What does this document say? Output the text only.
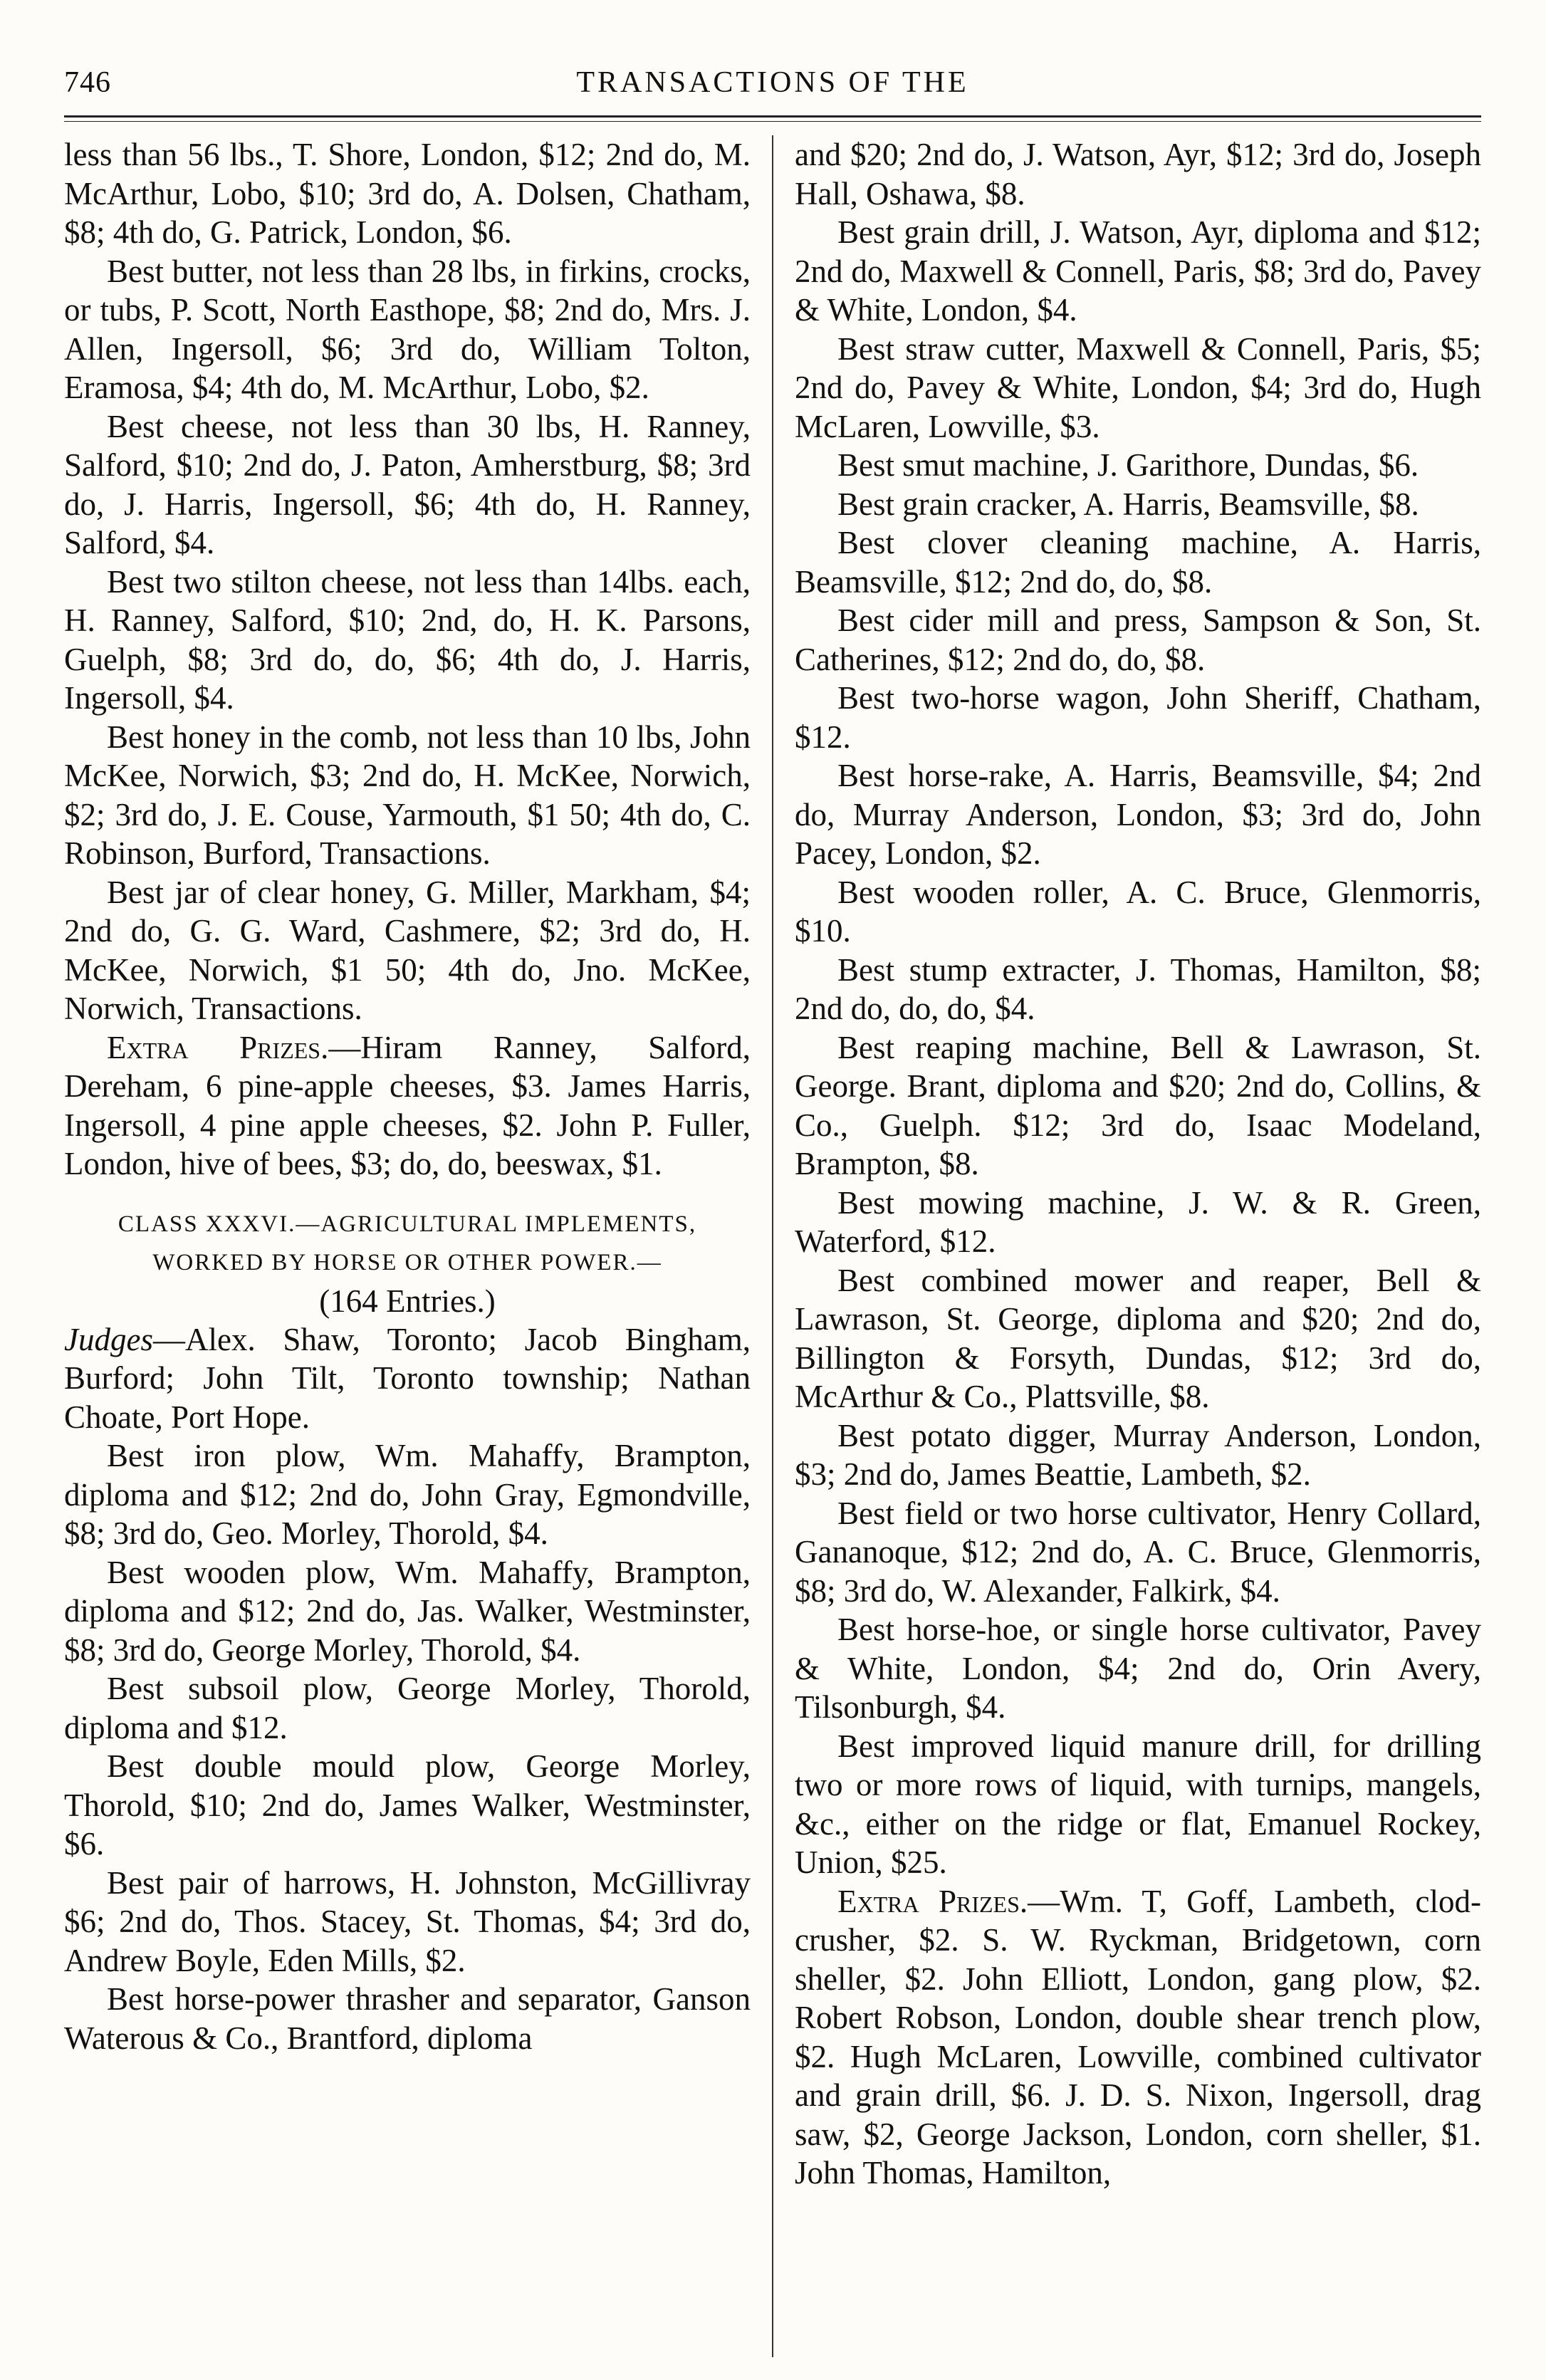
746	TRANSACTIONS OF THE

less than 56 lbs., T. Shore, London, $12; 2nd do, M. McArthur, Lobo, $10; 3rd do, A. Dolsen, Chatham, $8; 4th do, G. Patrick, London, $6.

Best butter, not less than 28 lbs, in firkins, crocks, or tubs, P. Scott, North Easthope, $8; 2nd do, Mrs. J. Allen, Ingersoll, $6; 3rd do, William Tolton, Eramosa, $4; 4th do, M. McArthur, Lobo, $2.

Best cheese, not less than 30 lbs, H. Ranney, Salford, $10; 2nd do, J. Paton, Amherstburg, $8; 3rd do, J. Harris, Ingersoll, $6; 4th do, H. Ranney, Salford, $4.

Best two stilton cheese, not less than 14lbs. each, H. Ranney, Salford, $10; 2nd, do, H. K. Parsons, Guelph, $8; 3rd do, do, $6; 4th do, J. Harris, Ingersoll, $4.

Best honey in the comb, not less than 10 lbs, John McKee, Norwich, $3; 2nd do, H. McKee, Norwich, $2; 3rd do, J. E. Couse, Yarmouth, $1 50; 4th do, C. Robinson, Burford, Transactions.

Best jar of clear honey, G. Miller, Markham, $4; 2nd do, G. G. Ward, Cashmere, $2; 3rd do, H. McKee, Norwich, $1 50; 4th do, Jno. McKee, Norwich, Transactions.

Extra Prizes.—Hiram Ranney, Salford, Dereham, 6 pine-apple cheeses, $3. James Harris, Ingersoll, 4 pine apple cheeses, $2. John P. Fuller, London, hive of bees, $3; do, do, beeswax, $1.

CLASS XXXVI.—AGRICULTURAL IMPLEMENTS,
WORKED BY HORSE OR OTHER POWER.—
(164 Entries.)

Judges—Alex. Shaw, Toronto; Jacob Bingham, Burford; John Tilt, Toronto township; Nathan Choate, Port Hope.

Best iron plow, Wm. Mahaffy, Brampton, diploma and $12; 2nd do, John Gray, Egmondville, $8; 3rd do, Geo. Morley, Thorold, $4.

Best wooden plow, Wm. Mahaffy, Brampton, diploma and $12; 2nd do, Jas. Walker, Westminster, $8; 3rd do, George Morley, Thorold, $4.

Best subsoil plow, George Morley, Thorold, diploma and $12.

Best double mould plow, George Morley, Thorold, $10; 2nd do, James Walker, Westminster, $6.

Best pair of harrows, H. Johnston, McGillivray $6; 2nd do, Thos. Stacey, St. Thomas, $4; 3rd do, Andrew Boyle, Eden Mills, $2.

Best horse-power thrasher and separator, Ganson Waterous & Co., Brantford, diploma

and $20; 2nd do, J. Watson, Ayr, $12; 3rd do, Joseph Hall, Oshawa, $8.

Best grain drill, J. Watson, Ayr, diploma and $12; 2nd do, Maxwell & Connell, Paris, $8; 3rd do, Pavey & White, London, $4.

Best straw cutter, Maxwell & Connell, Paris, $5; 2nd do, Pavey & White, London, $4; 3rd do, Hugh McLaren, Lowville, $3.

Best smut machine, J. Garithore, Dundas, $6.

Best grain cracker, A. Harris, Beamsville, $8.

Best clover cleaning machine, A. Harris, Beamsville, $12; 2nd do, do, $8.

Best cider mill and press, Sampson & Son, St. Catherines, $12; 2nd do, do, $8.

Best two-horse wagon, John Sheriff, Chatham, $12.

Best horse-rake, A. Harris, Beamsville, $4; 2nd do, Murray Anderson, London, $3; 3rd do, John Pacey, London, $2.

Best wooden roller, A. C. Bruce, Glenmorris, $10.

Best stump extracter, J. Thomas, Hamilton, $8; 2nd do, do, do, $4.

Best reaping machine, Bell & Lawrason, St. George. Brant, diploma and $20; 2nd do, Collins, & Co., Guelph. $12; 3rd do, Isaac Modeland, Brampton, $8.

Best mowing machine, J. W. & R. Green, Waterford, $12.

Best combined mower and reaper, Bell & Lawrason, St. George, diploma and $20; 2nd do, Billington & Forsyth, Dundas, $12; 3rd do, McArthur & Co., Plattsville, $8.

Best potato digger, Murray Anderson, London, $3; 2nd do, James Beattie, Lambeth, $2.

Best field or two horse cultivator, Henry Collard, Gananoque, $12; 2nd do, A. C. Bruce, Glenmorris, $8; 3rd do, W. Alexander, Falkirk, $4.

Best horse-hoe, or single horse cultivator, Pavey & White, London, $4; 2nd do, Orin Avery, Tilsonburgh, $4.

Best improved liquid manure drill, for drilling two or more rows of liquid, with turnips, mangels, &c., either on the ridge or flat, Emanuel Rockey, Union, $25.

Extra Prizes.—Wm. T, Goff, Lambeth, clod-crusher, $2. S. W. Ryckman, Bridgetown, corn sheller, $2. John Elliott, London, gang plow, $2. Robert Robson, London, double shear trench plow, $2. Hugh McLaren, Lowville, combined cultivator and grain drill, $6. J. D. S. Nixon, Ingersoll, drag saw, $2, George Jackson, London, corn sheller, $1. John Thomas, Hamilton,
